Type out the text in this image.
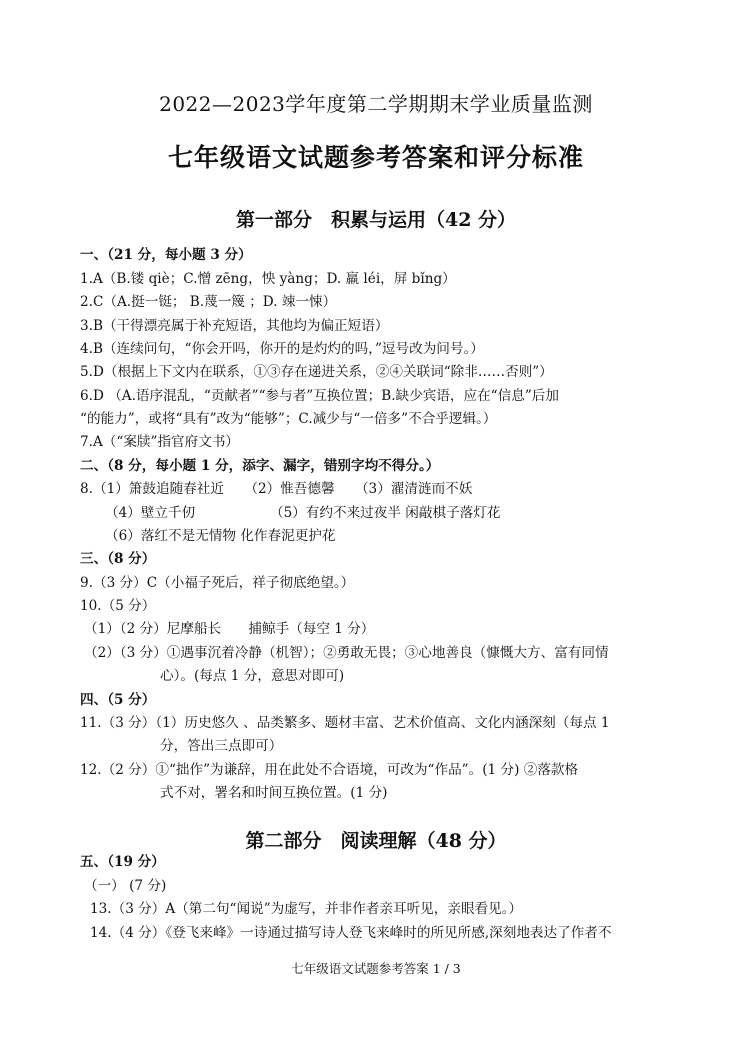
2022—2023学年度第二学期期末学业质量监测
七年级语文试题参考答案和评分标准
第一部分　积累与运用（42 分）
一、（21 分，每小题 3 分）
1.A（B.镂 qiè；C.憎 zēng，怏 yàng；D. 羸 léi，屏 bǐng）
2.C（A.挺一铤； B.蔑一篾 ；D. 竦一悚）
3.B（干得漂亮属于补充短语，其他均为偏正短语）
4.B（连续问句，“你会开吗，你开的是灼灼的吗，”逗号改为问号。）
5.D（根据上下文内在联系，①③存在递进关系，②④关联词“除非……否则”）
6.D （A.语序混乱，“贡献者”“参与者”互换位置；B.缺少宾语，应在“信息”后加
“的能力”，或将“具有”改为“能够”；C.减少与“一倍多”不合乎逻辑。）
7.A（“案牍”指官府文书）
二、（8 分，每小题 1 分，添字、漏字，错别字均不得分。）
8.（1）箫鼓追随春社近　　（2）惟吾德馨　　（3）濯清涟而不妖
（4）壁立千仞　　　　　　（5）有约不来过夜半 闲敲棋子落灯花
（6）落红不是无情物 化作春泥更护花
三、（8 分）
9.（3 分）C（小福子死后，祥子彻底绝望。）
10.（5 分）
（1）（2 分）尼摩船长　　捕鲸手（每空 1 分）
（2）（3 分）①遇事沉着冷静（机智）；②勇敢无畏；③心地善良（慷慨大方、富有同情
心）。(每点 1 分，意思对即可)
四、（5 分）
11.（3 分）（1）历史悠久 、品类繁多、题材丰富、艺术价值高、文化内涵深刻（每点 1
分，答出三点即可）
12.（2 分）①“拙作”为谦辞，用在此处不合语境，可改为“作品”。(1 分) ②落款格
式不对，署名和时间互换位置。(1 分)
第二部分　阅读理解（48 分）
五、（19 分）
（一） (7 分)
13.（3 分）A（第二句“闻说”为虚写，并非作者亲耳听见，亲眼看见。）
14.（4 分）《登飞来峰》一诗通过描写诗人登飞来峰时的所见所感,深刻地表达了作者不
七年级语文试题参考答案 1 / 3
